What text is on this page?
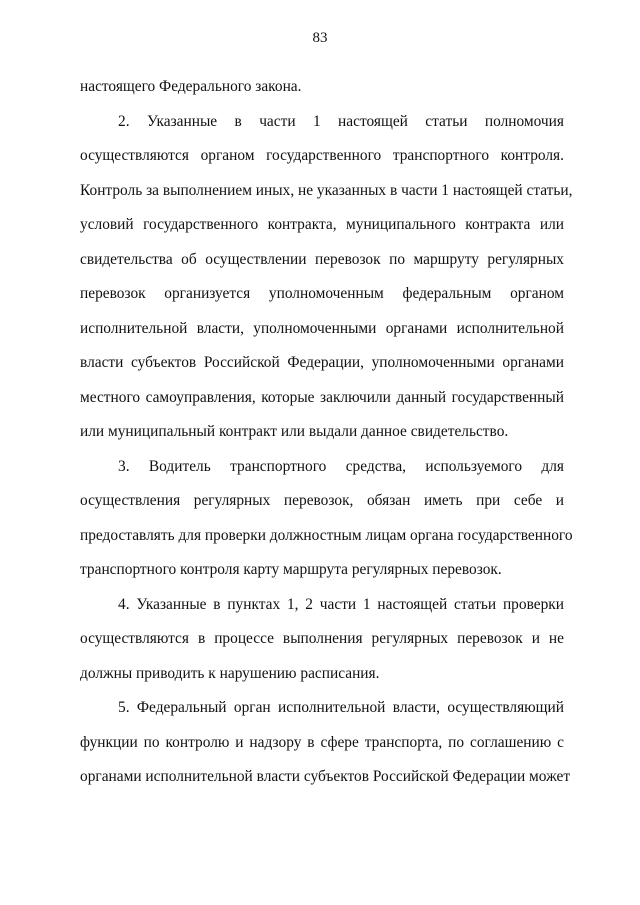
83
настоящего Федерального закона.
2. Указанные в части 1 настоящей статьи полномочия
осуществляются органом государственного транспортного контроля.
Контроль за выполнением иных, не указанных в части 1 настоящей статьи,
условий государственного контракта, муниципального контракта или
свидетельства об осуществлении перевозок по маршруту регулярных
перевозок организуется уполномоченным федеральным органом
исполнительной власти, уполномоченными органами исполнительной
власти субъектов Российской Федерации, уполномоченными органами
местного самоуправления, которые заключили данный государственный
или муниципальный контракт или выдали данное свидетельство.
3. Водитель транспортного средства, используемого для
осуществления регулярных перевозок, обязан иметь при себе и
предоставлять для проверки должностным лицам органа государственного
транспортного контроля карту маршрута регулярных перевозок.
4. Указанные в пунктах 1, 2 части 1 настоящей статьи проверки
осуществляются в процессе выполнения регулярных перевозок и не
должны приводить к нарушению расписания.
5. Федеральный орган исполнительной власти, осуществляющий
функции по контролю и надзору в сфере транспорта, по соглашению с
органами исполнительной власти субъектов Российской Федерации может
